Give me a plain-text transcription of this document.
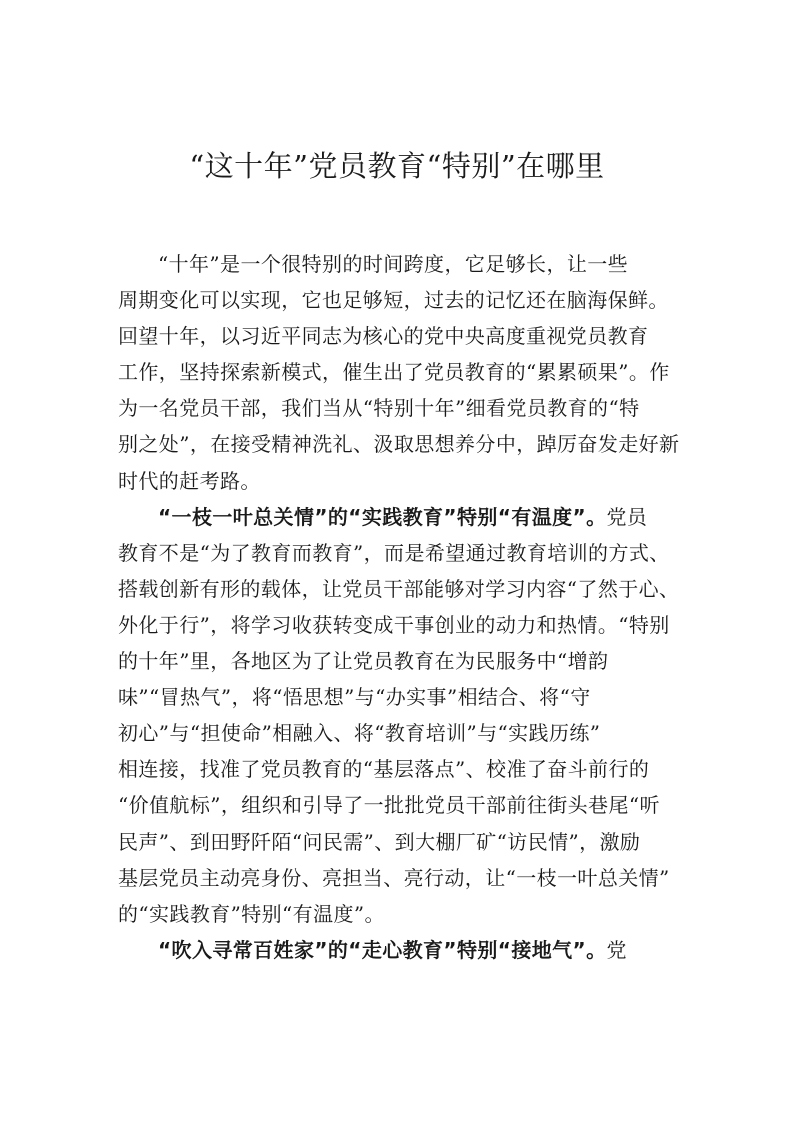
“这十年”党员教育“特别”在哪里
“十年”是一个很特别的时间跨度，它足够长，让一些
周期变化可以实现，它也足够短，过去的记忆还在脑海保鲜。
回望十年，以习近平同志为核心的党中央高度重视党员教育
工作，坚持探索新模式，催生出了党员教育的“累累硕果”。作
为一名党员干部，我们当从“特别十年”细看党员教育的“特
别之处”，在接受精神洗礼、汲取思想养分中，踔厉奋发走好新
时代的赶考路。
“一枝一叶总关情”的“实践教育”特别“有温度”。党员
教育不是“为了教育而教育”，而是希望通过教育培训的方式、
搭载创新有形的载体，让党员干部能够对学习内容“了然于心、
外化于行”，将学习收获转变成干事创业的动力和热情。“特别
的十年”里，各地区为了让党员教育在为民服务中“增韵
味”“冒热气”，将“悟思想”与“办实事”相结合、将“守
初心”与“担使命”相融入、将“教育培训”与“实践历练”
相连接，找准了党员教育的“基层落点”、校准了奋斗前行的
“价值航标”，组织和引导了一批批党员干部前往街头巷尾“听
民声”、到田野阡陌“问民需”、到大棚厂矿“访民情”，激励
基层党员主动亮身份、亮担当、亮行动，让“一枝一叶总关情”
的“实践教育”特别“有温度”。
“吹入寻常百姓家”的“走心教育”特别“接地气”。党
